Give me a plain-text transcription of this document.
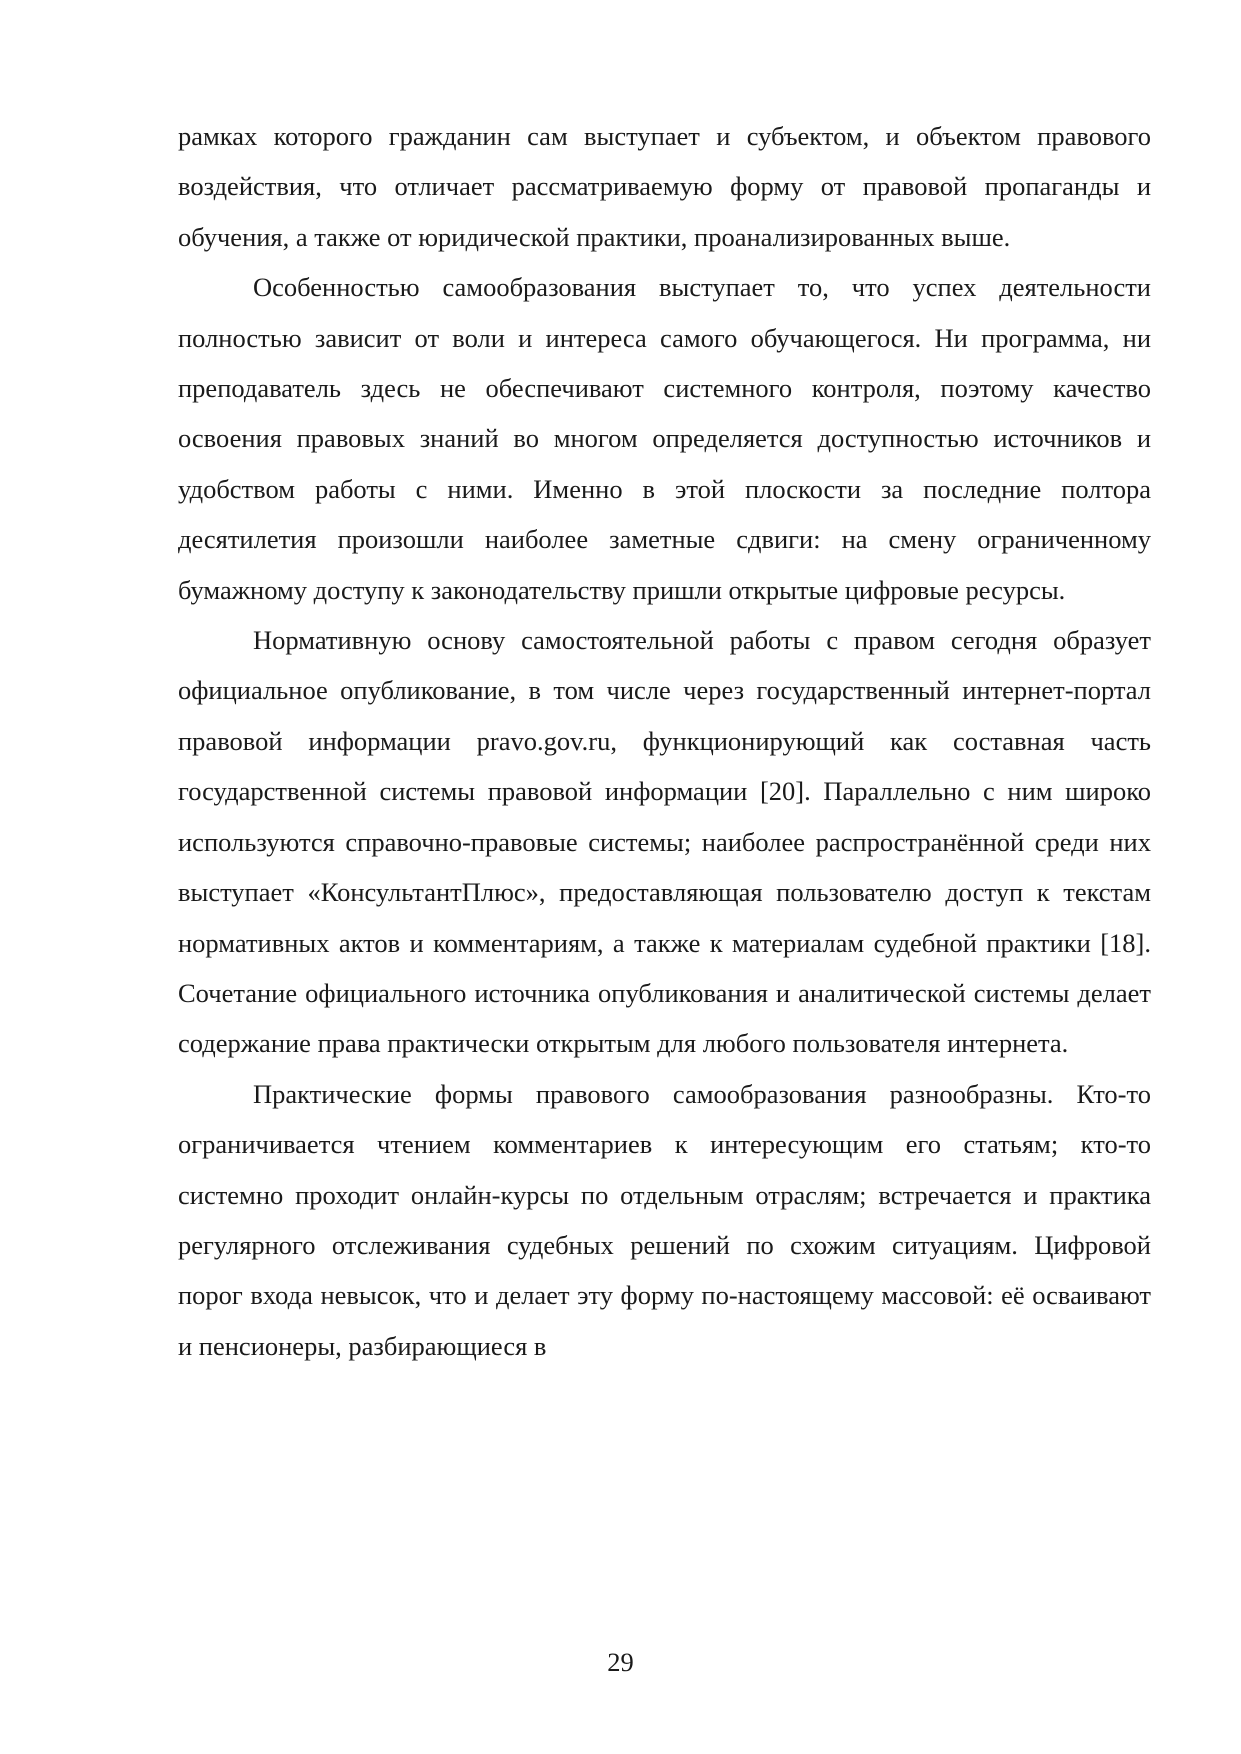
рамках которого гражданин сам выступает и субъектом, и объектом правового воздействия, что отличает рассматриваемую форму от правовой пропаганды и обучения, а также от юридической практики, проанализированных выше.

Особенностью самообразования выступает то, что успех деятельности полностью зависит от воли и интереса самого обучающегося. Ни программа, ни преподаватель здесь не обеспечивают системного контроля, поэтому качество освоения правовых знаний во многом определяется доступностью источников и удобством работы с ними. Именно в этой плоскости за последние полтора десятилетия произошли наиболее заметные сдвиги: на смену ограниченному бумажному доступу к законодательству пришли открытые цифровые ресурсы.

Нормативную основу самостоятельной работы с правом сегодня образует официальное опубликование, в том числе через государственный интернет-портал правовой информации pravo.gov.ru, функционирующий как составная часть государственной системы правовой информации [20]. Параллельно с ним широко используются справочно-правовые системы; наиболее распространённой среди них выступает «КонсультантПлюс», предоставляющая пользователю доступ к текстам нормативных актов и комментариям, а также к материалам судебной практики [18]. Сочетание официального источника опубликования и аналитической системы делает содержание права практически открытым для любого пользователя интернета.

Практические формы правового самообразования разнообразны. Кто-то ограничивается чтением комментариев к интересующим его статьям; кто-то системно проходит онлайн-курсы по отдельным отраслям; встречается и практика регулярного отслеживания судебных решений по схожим ситуациям. Цифровой порог входа невысок, что и делает эту форму по-настоящему массовой: её осваивают и пенсионеры, разбирающиеся в

29
